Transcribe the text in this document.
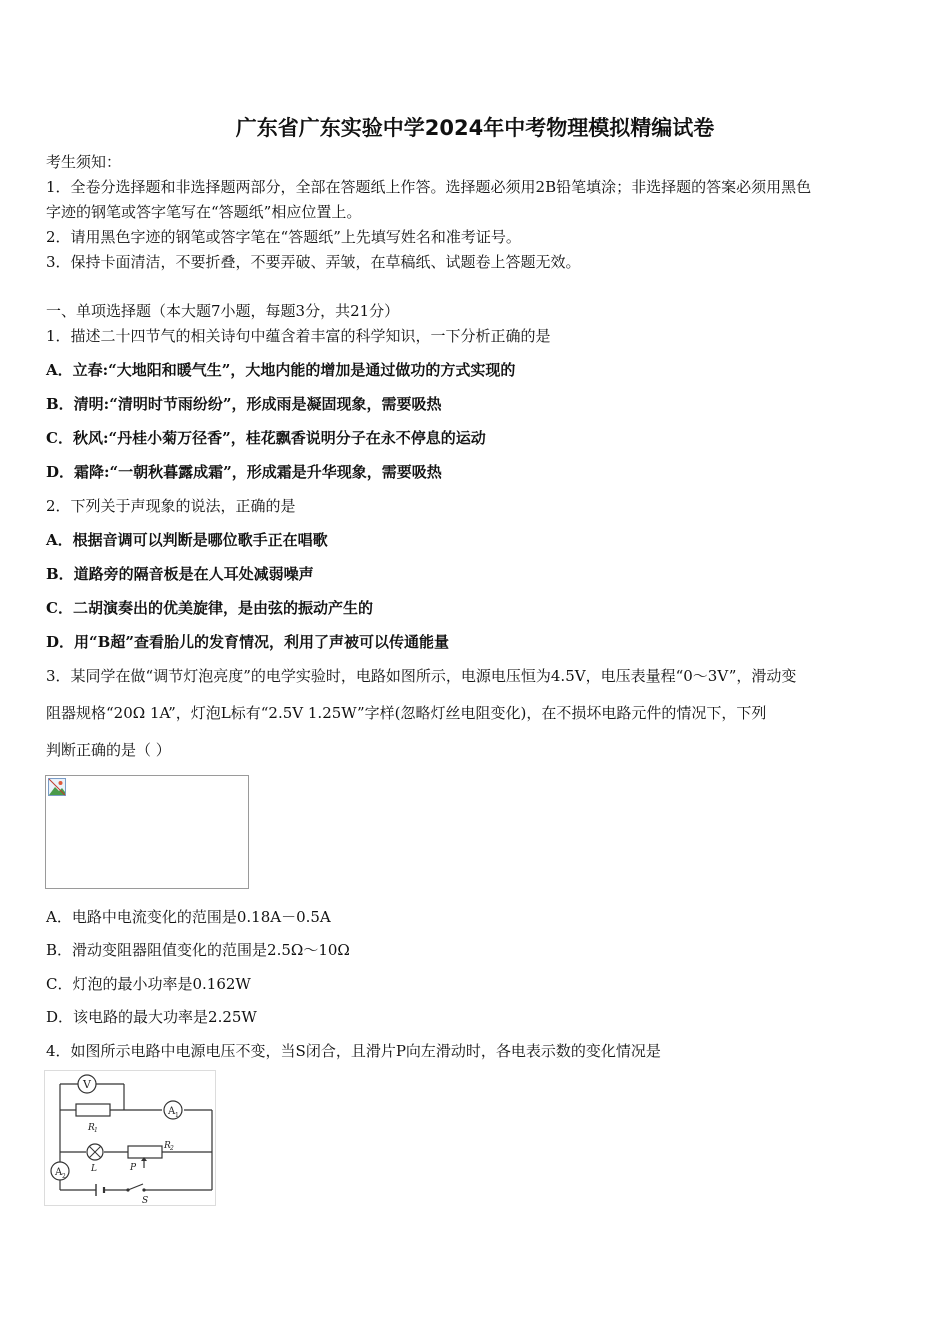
广东省广东实验中学2024年中考物理模拟精编试卷
考生须知：
1．全卷分选择题和非选择题两部分，全部在答题纸上作答。选择题必须用2B铅笔填涂；非选择题的答案必须用黑色
字迹的钢笔或答字笔写在“答题纸”相应位置上。
2．请用黑色字迹的钢笔或答字笔在“答题纸”上先填写姓名和准考证号。
3．保持卡面清洁，不要折叠，不要弄破、弄皱，在草稿纸、试题卷上答题无效。
一、单项选择题（本大题7小题，每题3分，共21分）
1．描述二十四节气的相关诗句中蕴含着丰富的科学知识，一下分析正确的是
A．立春:“大地阳和暖气生”，大地内能的增加是通过做功的方式实现的
B．清明:“清明时节雨纷纷”，形成雨是凝固现象，需要吸热
C．秋风:“丹桂小菊万径香”，桂花飘香说明分子在永不停息的运动
D．霜降:“一朝秋暮露成霜”，形成霜是升华现象，需要吸热
2．下列关于声现象的说法，正确的是
A．根据音调可以判断是哪位歌手正在唱歌
B．道路旁的隔音板是在人耳处减弱噪声
C．二胡演奏出的优美旋律，是由弦的振动产生的
D．用“B超”查看胎儿的发育情况，利用了声被可以传通能量
3．某同学在做“调节灯泡亮度”的电学实验时，电路如图所示，电源电压恒为4.5V，电压表量程“0～3V”，滑动变
阻器规格“20Ω 1A”，灯泡L标有“2.5V 1.25W”字样(忽略灯丝电阻变化)，在不损坏电路元件的情况下，下列
判断正确的是（ ）
A．电路中电流变化的范围是0.18A－0.5A
B．滑动变阻器阻值变化的范围是2.5Ω～10Ω
C．灯泡的最小功率是0.162W
D．该电路的最大功率是2.25W
4．如图所示电路中电源电压不变，当S闭合，且滑片P向左滑动时，各电表示数的变化情况是
V
A 1
A 2
R 1
R 2
L	P
S
